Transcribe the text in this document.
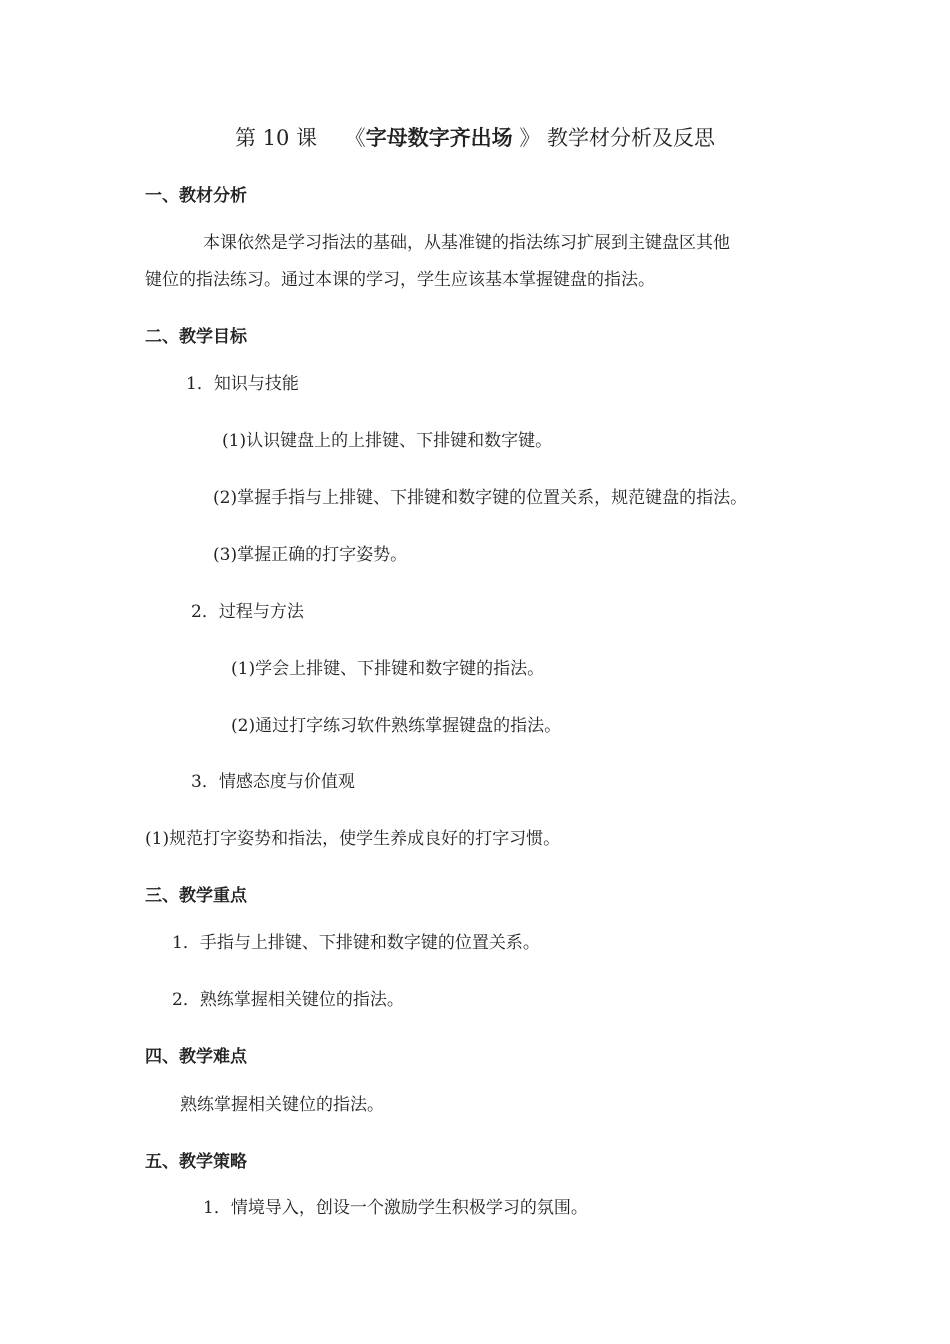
第 10 课　 《字母数字齐出场 》 教学材分析及反思
一、教材分析
本课依然是学习指法的基础，从基准键的指法练习扩展到主键盘区其他
键位的指法练习。通过本课的学习，学生应该基本掌握键盘的指法。
二、教学目标
1．知识与技能
(1)认识键盘上的上排键、下排键和数字键。
(2)掌握手指与上排键、下排键和数字键的位置关系，规范键盘的指法。
(3)掌握正确的打字姿势。
2．过程与方法
(1)学会上排键、下排键和数字键的指法。
(2)通过打字练习软件熟练掌握键盘的指法。
3．情感态度与价值观
(1)规范打字姿势和指法，使学生养成良好的打字习惯。
三、教学重点
1．手指与上排键、下排键和数字键的位置关系。
2．熟练掌握相关键位的指法。
四、教学难点
熟练掌握相关键位的指法。
五、教学策略
1．情境导入，创设一个激励学生积极学习的氛围。
